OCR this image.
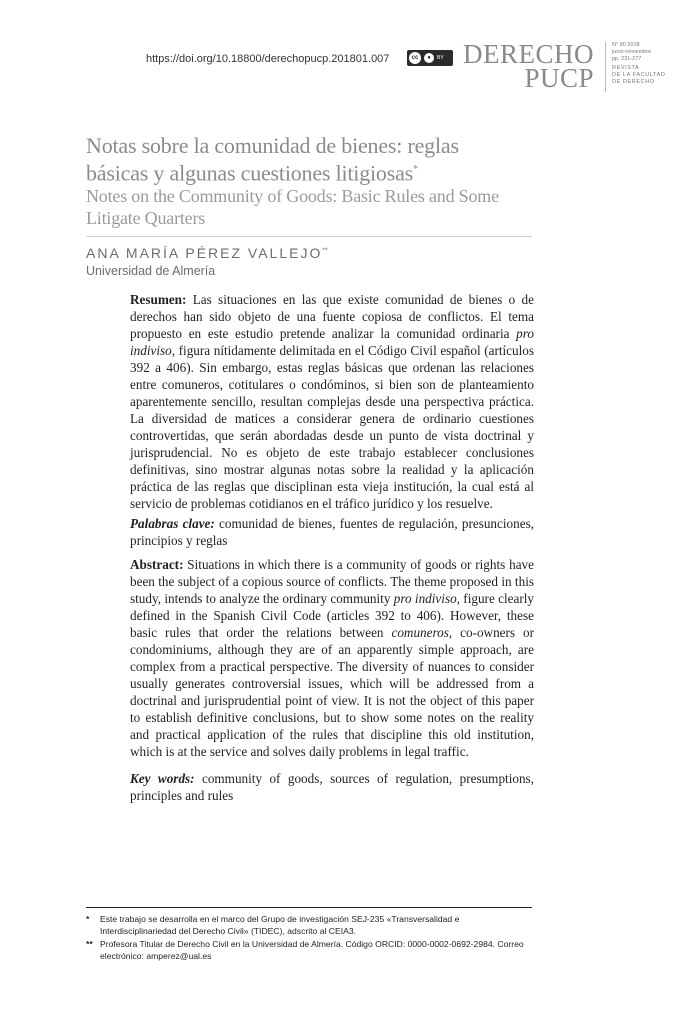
https://doi.org/10.18800/derechopucp.201801.007	cc	●	BY DERECHO
PUCP
N° 80 2018
junio-noviembre
pp. 231-277
REVISTA
DE LA FACULTAD
DE DERECHO
Notas sobre la comunidad de bienes: reglas básicas y algunas cuestiones litigiosas*
Notes on the Community of Goods: Basic Rules and Some Litigate Quarters
ANA MARÍA PÉREZ VALLEJO**
Universidad de Almería
Resumen: Las situaciones en las que existe comunidad de bienes o de derechos han sido objeto de una fuente copiosa de conflictos. El tema propuesto en este estudio pretende analizar la comunidad ordinaria pro indiviso, figura nítidamente delimitada en el Código Civil español (artículos 392 a 406). Sin embargo, estas reglas básicas que ordenan las relaciones entre comuneros, cotitulares o condóminos, si bien son de planteamiento aparentemente sencillo, resultan complejas desde una perspectiva práctica. La diversidad de matices a considerar genera de ordinario cuestiones controvertidas, que serán abordadas desde un punto de vista doctrinal y jurisprudencial. No es objeto de este trabajo establecer conclusiones definitivas, sino mostrar algunas notas sobre la realidad y la aplicación práctica de las reglas que disciplinan esta vieja institución, la cual está al servicio de problemas cotidianos en el tráfico jurídico y los resuelve.
Palabras clave: comunidad de bienes, fuentes de regulación, presunciones, principios y reglas
Abstract: Situations in which there is a community of goods or rights have been the subject of a copious source of conflicts. The theme proposed in this study, intends to analyze the ordinary community pro indiviso, figure clearly defined in the Spanish Civil Code (articles 392 to 406). However, these basic rules that order the relations between comuneros, co-owners or condominiums, although they are of an apparently simple approach, are complex from a practical perspective. The diversity of nuances to consider usually generates controversial issues, which will be addressed from a doctrinal and jurisprudential point of view. It is not the object of this paper to establish definitive conclusions, but to show some notes on the reality and practical application of the rules that discipline this old institution, which is at the service and solves daily problems in legal traffic.
Key words: community of goods, sources of regulation, presumptions, principles and rules
*	Este trabajo se desarrolla en el marco del Grupo de investigación SEJ-235 «Transversalidad e Interdisciplinariedad del Derecho Civil» (TIDEC), adscrito al CEIA3.
** Profesora Titular de Derecho Civil en la Universidad de Almería. Código ORCID: 0000-0002-0692-2984. Correo electrónico: amperez@ual.es
